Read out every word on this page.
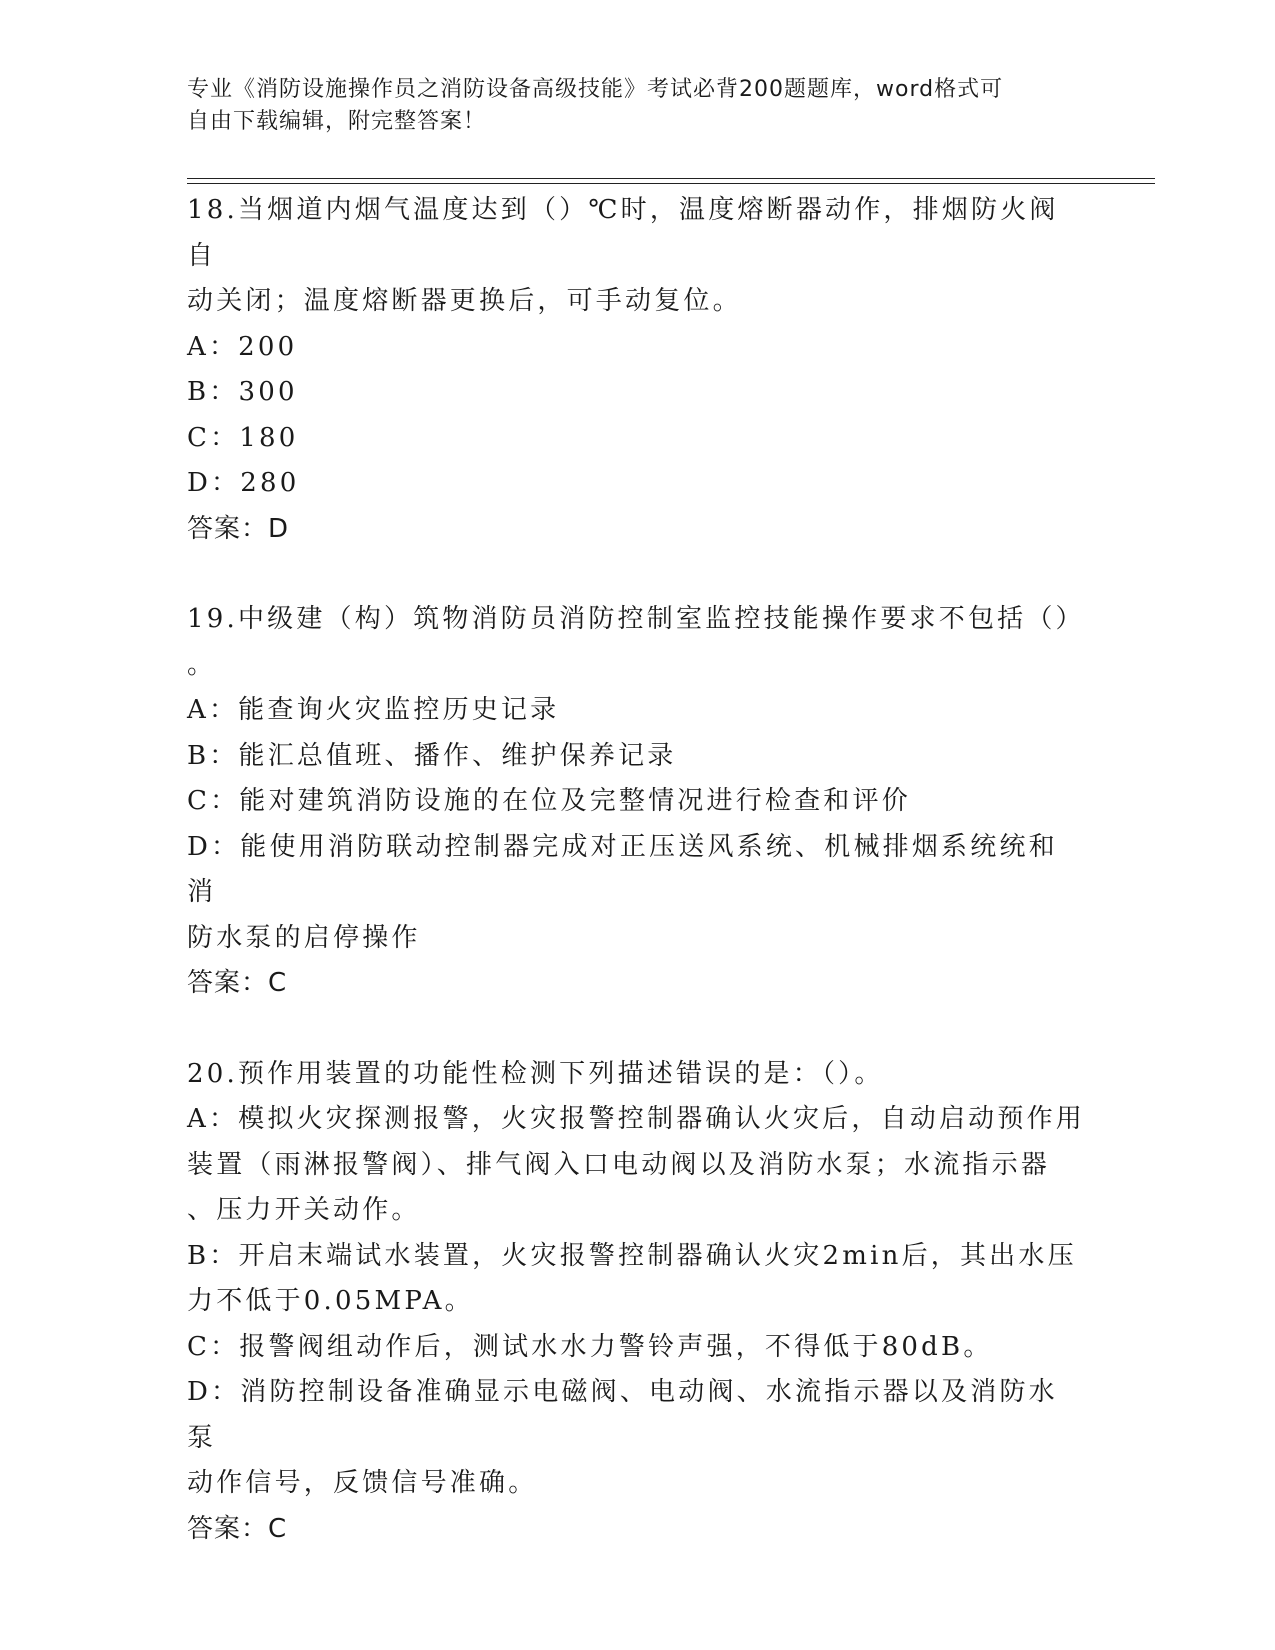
专业《消防设施操作员之消防设备高级技能》考试必背200题题库，word格式可
自由下载编辑，附完整答案！
18.当烟道内烟气温度达到（）℃时，温度熔断器动作，排烟防火阀自
动关闭；温度熔断器更换后，可手动复位。
A：200
B：300
C：180
D：280
答案：D
19.中级建（构）筑物消防员消防控制室监控技能操作要求不包括（）
。
A：能查询火灾监控历史记录
B：能汇总值班、播作、维护保养记录
C：能对建筑消防设施的在位及完整情况进行检查和评价
D：能使用消防联动控制器完成对正压送风系统、机械排烟系统统和消
防水泵的启停操作
答案：C
20.预作用装置的功能性检测下列描述错误的是：（）。
A：模拟火灾探测报警，火灾报警控制器确认火灾后，自动启动预作用
装置（雨淋报警阀）、排气阀入口电动阀以及消防水泵；水流指示器
、压力开关动作。
B：开启末端试水装置，火灾报警控制器确认火灾2min后，其出水压
力不低于0.05MPA。
C：报警阀组动作后，测试水水力警铃声强，不得低于80dB。
D：消防控制设备准确显示电磁阀、电动阀、水流指示器以及消防水泵
动作信号，反馈信号准确。
答案：C
